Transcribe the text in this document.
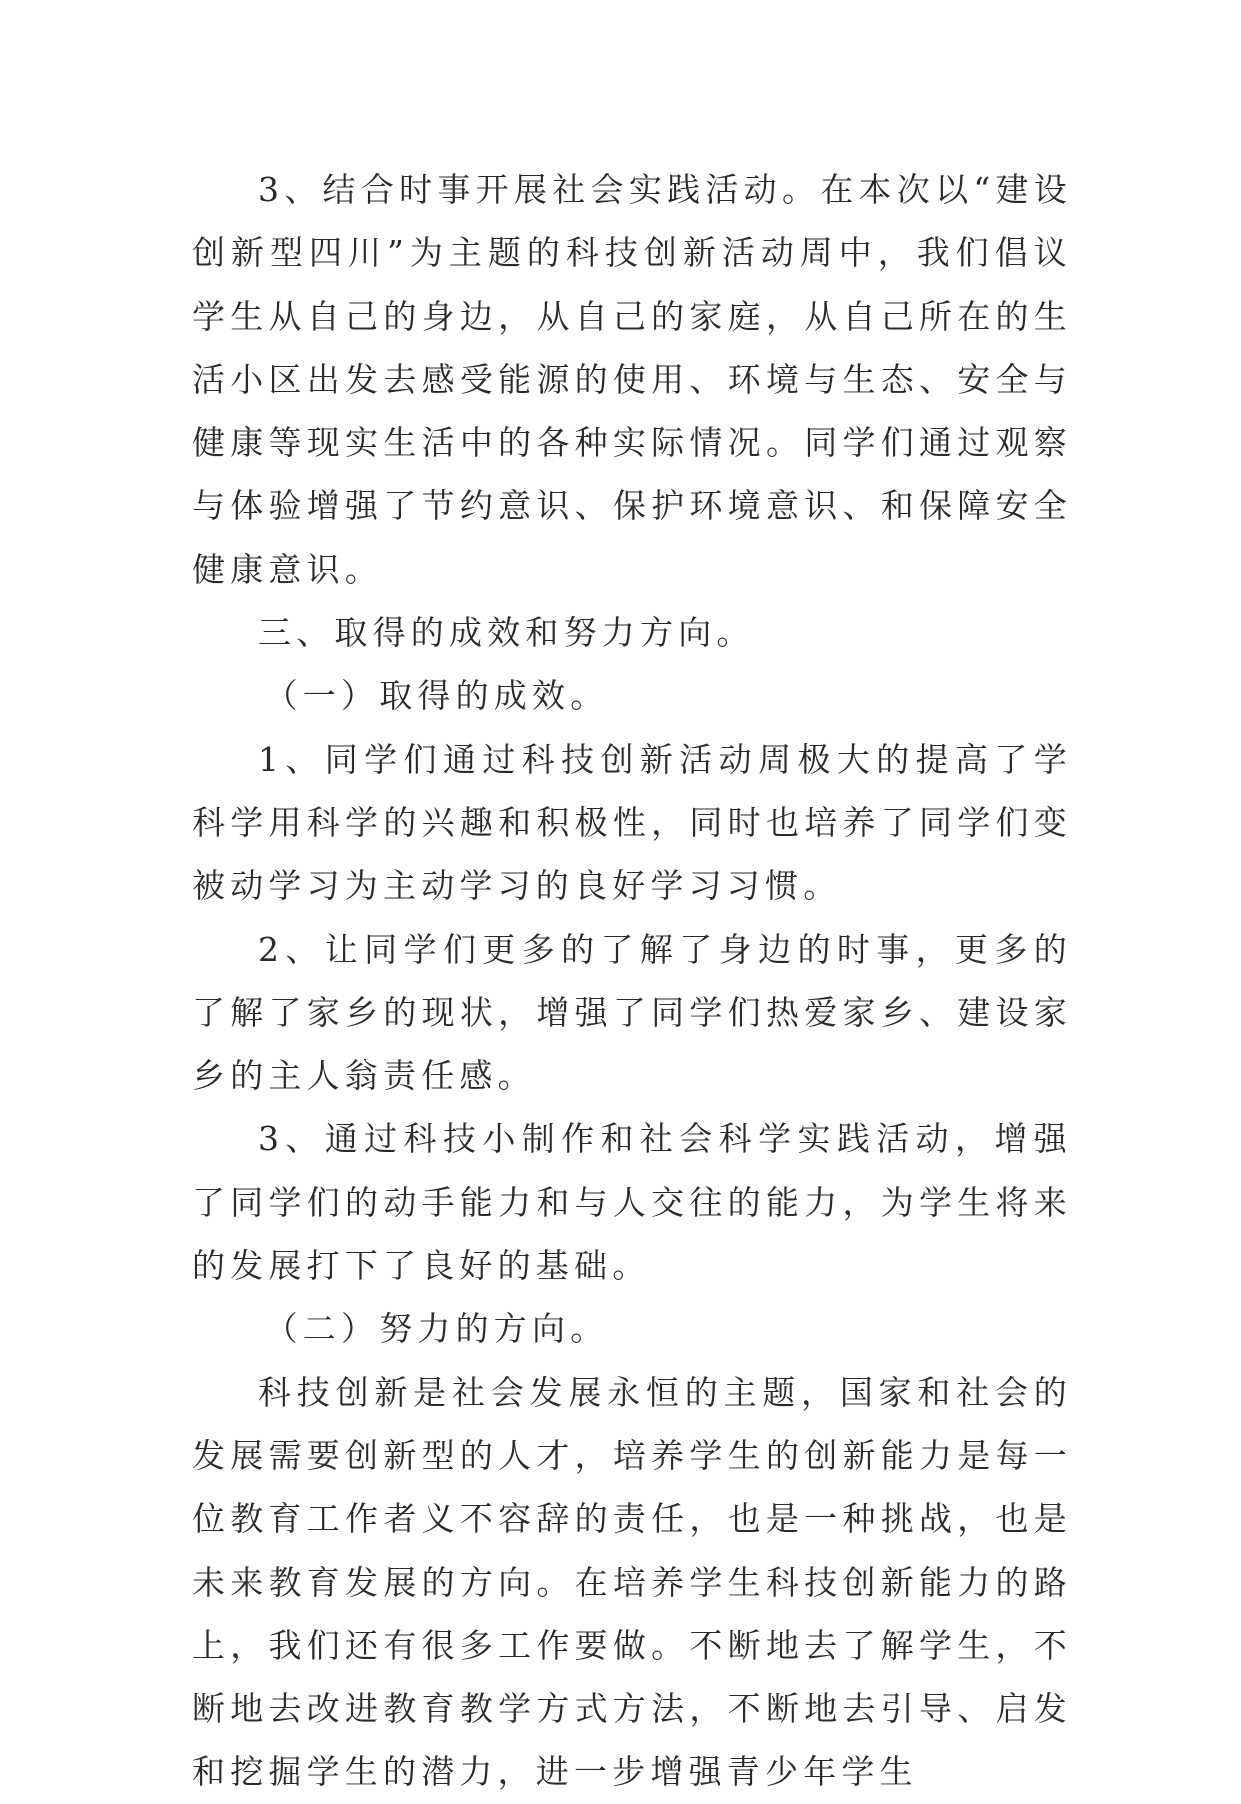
3、结合时事开展社会实践活动。在本次以“建设创新型四川”为主题的科技创新活动周中，我们倡议学生从自己的身边，从自己的家庭，从自己所在的生活小区出发去感受能源的使用、环境与生态、安全与健康等现实生活中的各种实际情况。同学们通过观察与体验增强了节约意识、保护环境意识、和保障安全健康意识。

三、取得的成效和努力方向。

（一）取得的成效。

1、同学们通过科技创新活动周极大的提高了学科学用科学的兴趣和积极性，同时也培养了同学们变被动学习为主动学习的良好学习习惯。

2、让同学们更多的了解了身边的时事，更多的了解了家乡的现状，增强了同学们热爱家乡、建设家乡的主人翁责任感。

3、通过科技小制作和社会科学实践活动，增强了同学们的动手能力和与人交往的能力，为学生将来的发展打下了良好的基础。

（二）努力的方向。

科技创新是社会发展永恒的主题，国家和社会的发展需要创新型的人才，培养学生的创新能力是每一位教育工作者义不容辞的责任，也是一种挑战，也是未来教育发展的方向。在培养学生科技创新能力的路上，我们还有很多工作要做。不断地去了解学生，不断地去改进教育教学方式方法，不断地去引导、启发和挖掘学生的潜力，进一步增强青少年学生
